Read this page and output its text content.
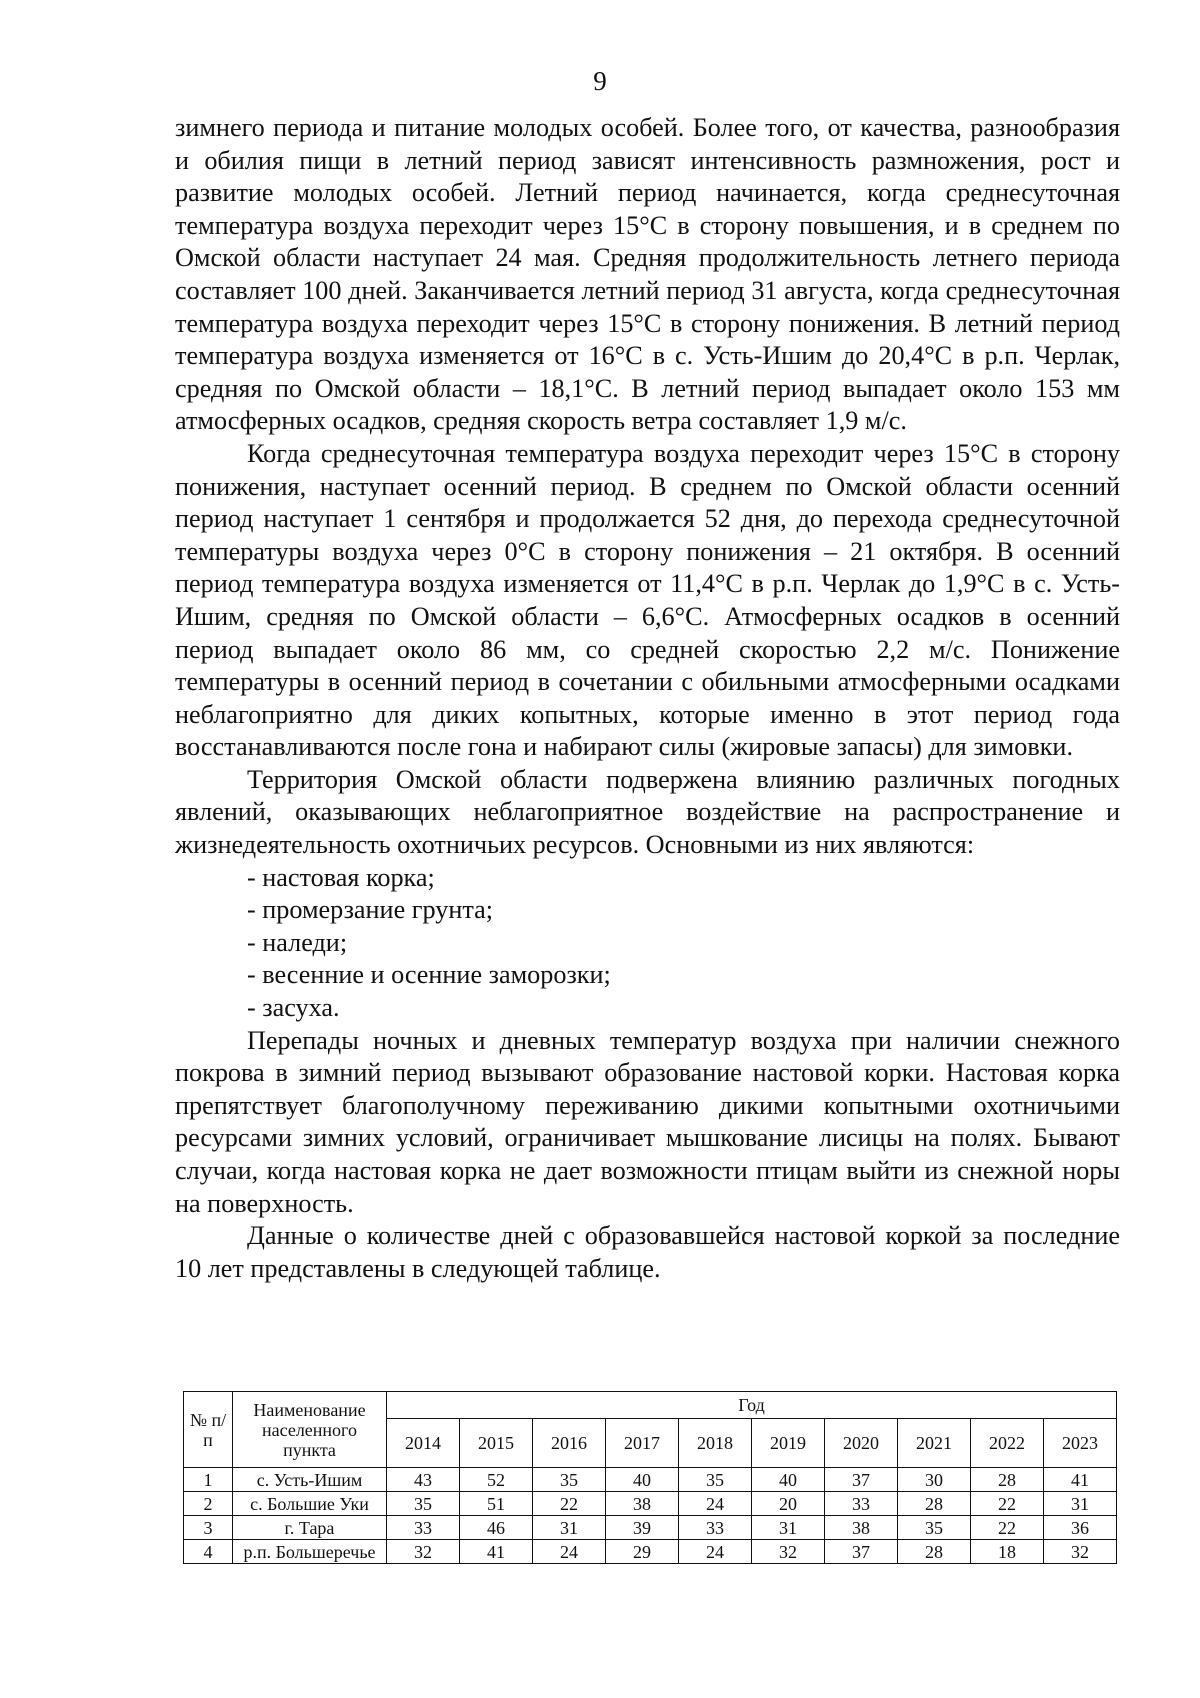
9

зимнего периода и питание молодых особей. Более того, от качества, разнообразия и обилия пищи в летний период зависят интенсивность размножения, рост и развитие молодых особей. Летний период начинается, когда среднесуточная температура воздуха переходит через 15°С в сторону повышения, и в среднем по Омской области наступает 24 мая. Средняя продолжительность летнего периода составляет 100 дней. Заканчивается летний период 31 августа, когда среднесуточная температура воздуха переходит через 15°С в сторону понижения. В летний период температура воздуха изменяется от 16°С в с. Усть-Ишим до 20,4°С в р.п. Черлак, средняя по Омской области – 18,1°С. В летний период выпадает около 153 мм атмосферных осадков, средняя скорость ветра составляет 1,9 м/с.

Когда среднесуточная температура воздуха переходит через 15°С в сторону понижения, наступает осенний период. В среднем по Омской области осенний период наступает 1 сентября и продолжается 52 дня, до перехода среднесуточной температуры воздуха через 0°С в сторону понижения – 21 октября. В осенний период температура воздуха изменяется от 11,4°С в р.п. Черлак до 1,9°С в с. Усть-Ишим, средняя по Омской области – 6,6°С. Атмосферных осадков в осенний период выпадает около 86 мм, со средней скоростью 2,2 м/с. Понижение температуры в осенний период в сочетании с обильными атмосферными осадками неблагоприятно для диких копытных, которые именно в этот период года восстанавливаются после гона и набирают силы (жировые запасы) для зимовки.

Территория Омской области подвержена влиянию различных погодных явлений, оказывающих неблагоприятное воздействие на распространение и жизнедеятельность охотничьих ресурсов. Основными из них являются:

- настовая корка;

- промерзание грунта;

- наледи;

- весенние и осенние заморозки;

- засуха.

Перепады ночных и дневных температур воздуха при наличии снежного покрова в зимний период вызывают образование настовой корки. Настовая корка препятствует благополучному переживанию дикими копытными охотничьими ресурсами зимних условий, ограничивает мышкование лисицы на полях. Бывают случаи, когда настовая корка не дает возможности птицам выйти из снежной норы на поверхность.

Данные о количестве дней с образовавшейся настовой коркой за последние 10 лет представлены в следующей таблице.

№ п/п	Наименование населенного пункта	Год									
		2014	2015	2016	2017	2018	2019	2020	2021	2022	2023
1	с. Усть-Ишим	43	52	35	40	35	40	37	30	28	41
2	с. Большие Уки	35	51	22	38	24	20	33	28	22	31
3	г. Тара	33	46	31	39	33	31	38	35	22	36
4	р.п. Большеречье	32	41	24	29	24	32	37	28	18	32
